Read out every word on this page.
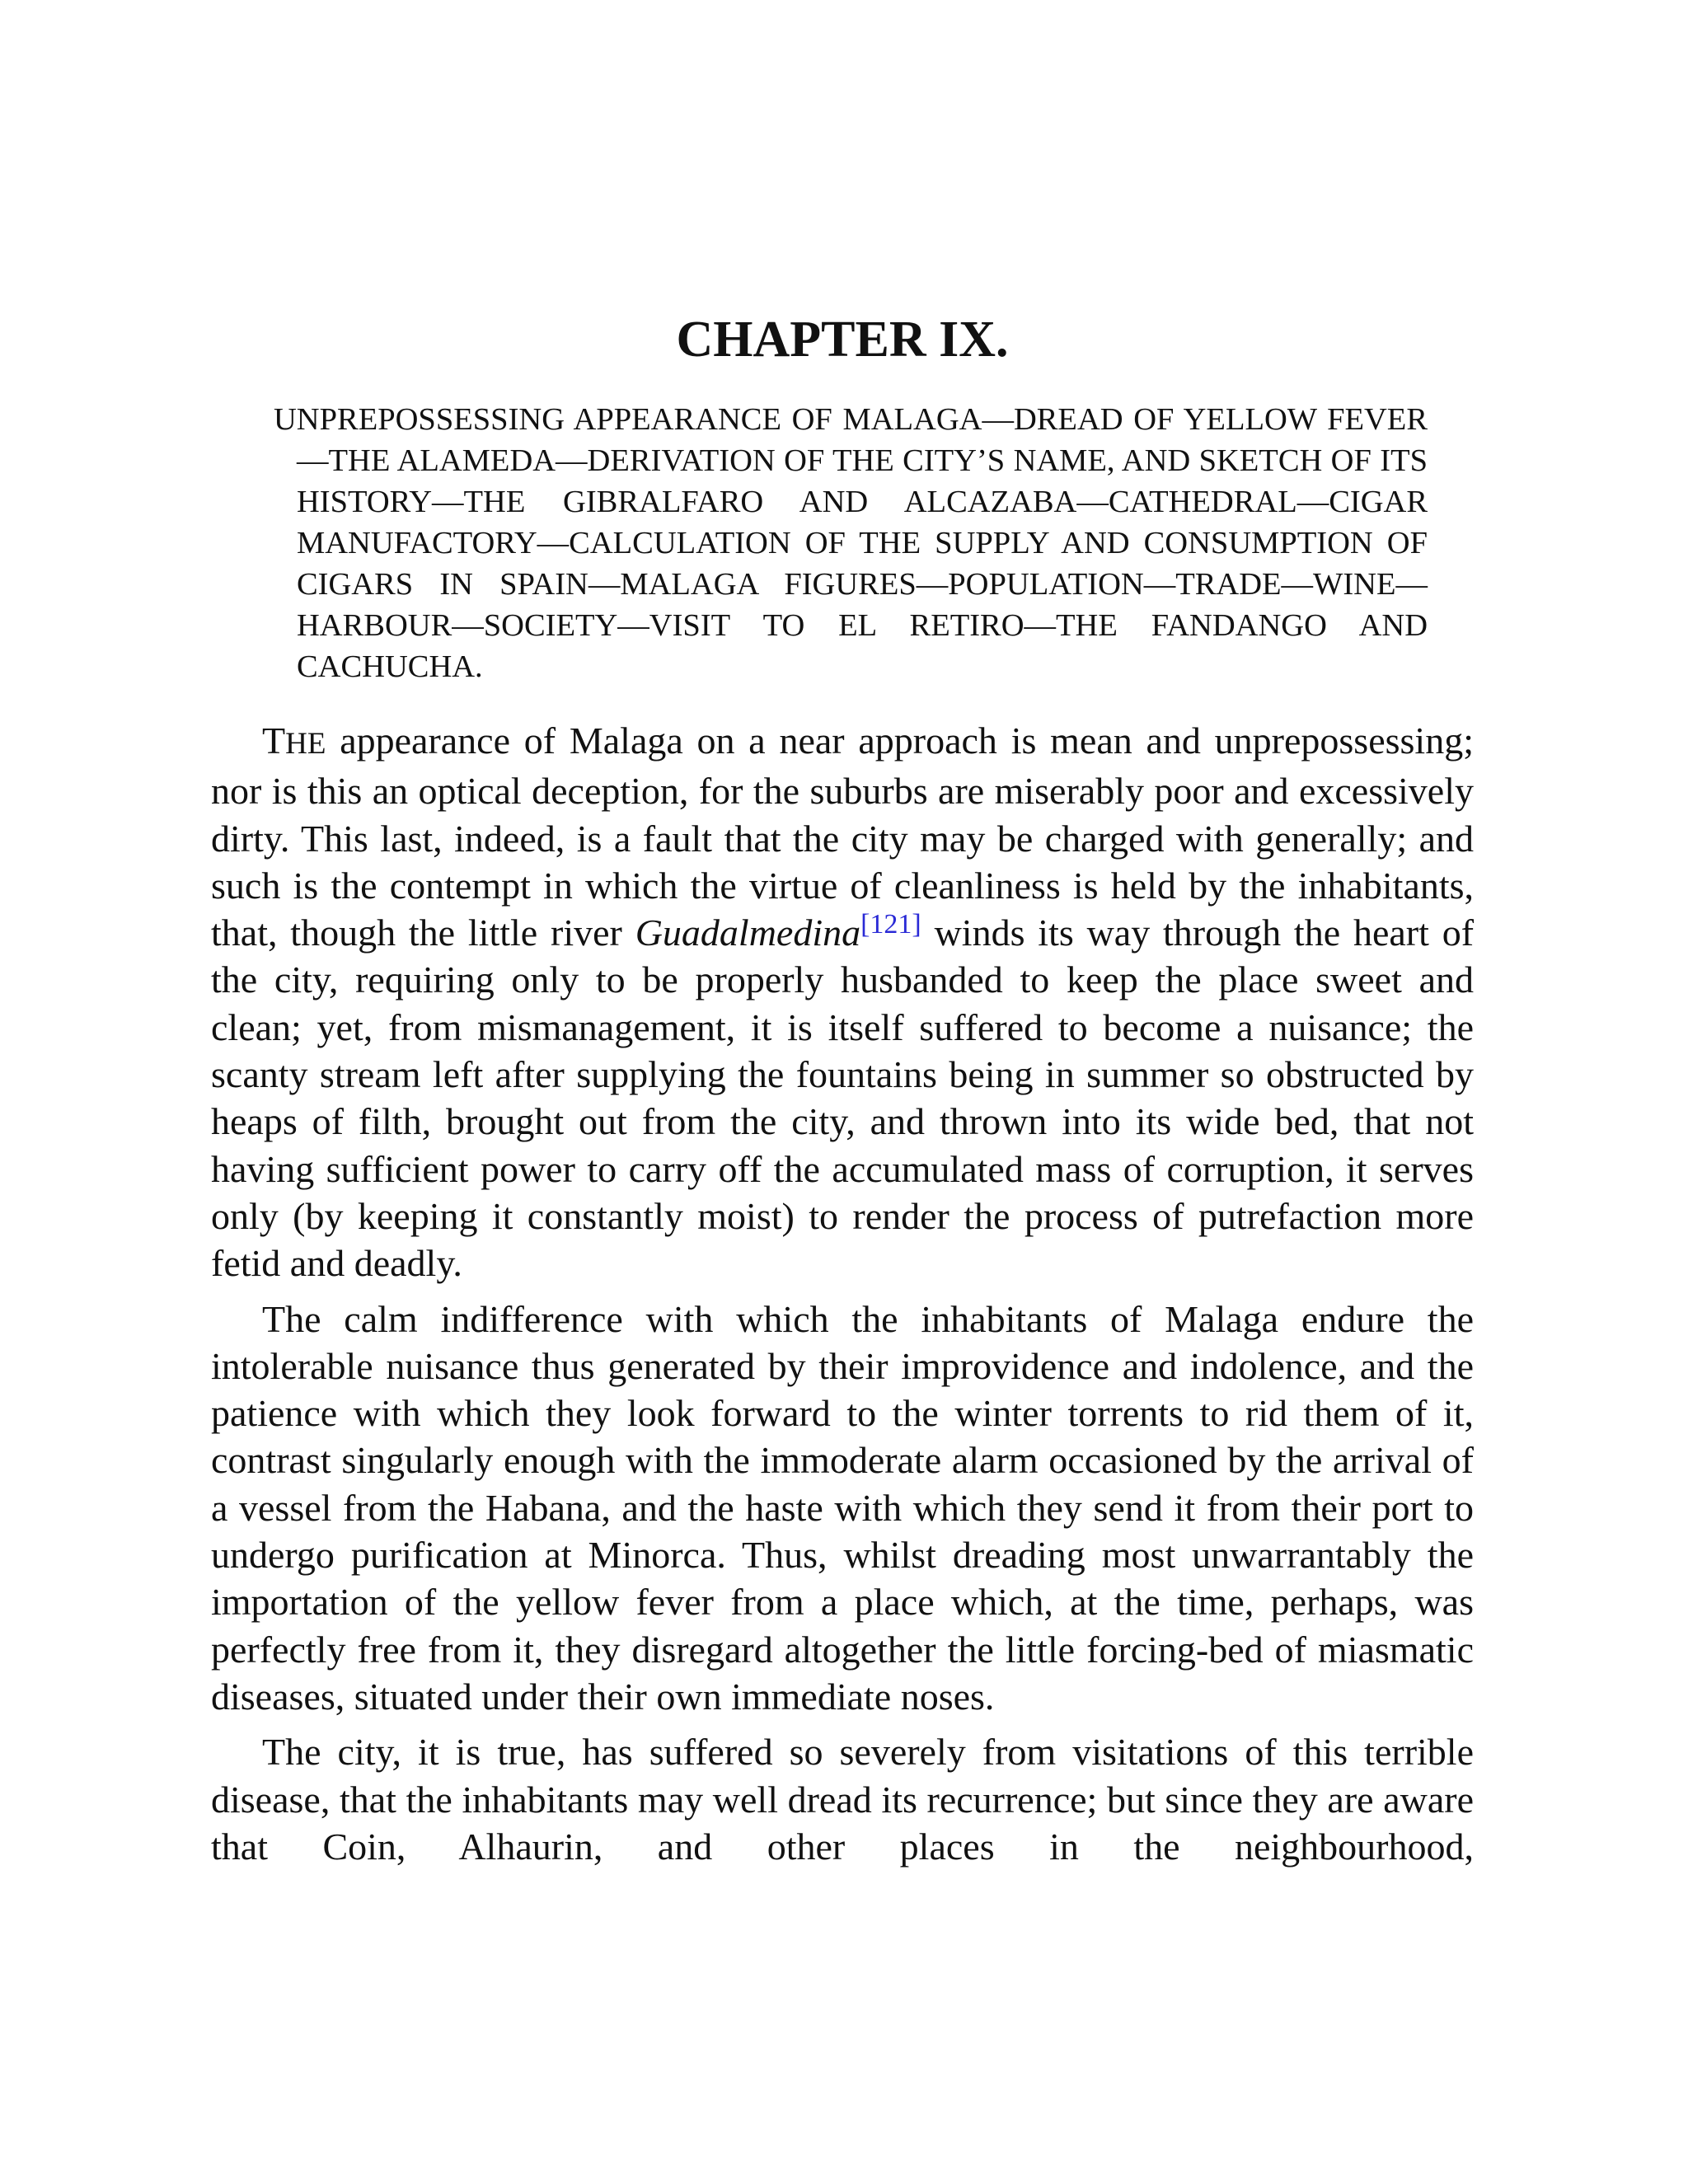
CHAPTER IX.

UNPREPOSSESSING APPEARANCE OF MALAGA—DREAD OF YELLOW FEVER—THE ALAMEDA—DERIVATION OF THE CITY’S NAME, AND SKETCH OF ITS HISTORY—THE GIBRALFARO AND ALCAZABA—CATHEDRAL—CIGAR MANUFACTORY—CALCULATION OF THE SUPPLY AND CONSUMPTION OF CIGARS IN SPAIN—MALAGA FIGURES—POPULATION—TRADE—WINE—HARBOUR—SOCIETY—VISIT TO EL RETIRO—THE FANDANGO AND CACHUCHA.

THE appearance of Malaga on a near approach is mean and unprepossessing; nor is this an optical deception, for the suburbs are miserably poor and excessively dirty. This last, indeed, is a fault that the city may be charged with generally; and such is the contempt in which the virtue of cleanliness is held by the inhabitants, that, though the little river Guadalmedina[121] winds its way through the heart of the city, requiring only to be properly husbanded to keep the place sweet and clean; yet, from mismanagement, it is itself suffered to become a nuisance; the scanty stream left after supplying the fountains being in summer so obstructed by heaps of filth, brought out from the city, and thrown into its wide bed, that not having sufficient power to carry off the accumulated mass of corruption, it serves only (by keeping it constantly moist) to render the process of putrefaction more fetid and deadly.

The calm indifference with which the inhabitants of Malaga endure the intolerable nuisance thus generated by their improvidence and indolence, and the patience with which they look forward to the winter torrents to rid them of it, contrast singularly enough with the immoderate alarm occasioned by the arrival of a vessel from the Habana, and the haste with which they send it from their port to undergo purification at Minorca. Thus, whilst dreading most unwarrantably the importation of the yellow fever from a place which, at the time, perhaps, was perfectly free from it, they disregard altogether the little forcing-bed of miasmatic diseases, situated under their own immediate noses.

The city, it is true, has suffered so severely from visitations of this terrible disease, that the inhabitants may well dread its recurrence; but since they are aware that Coin, Alhaurin, and other places in the neighbourhood,
